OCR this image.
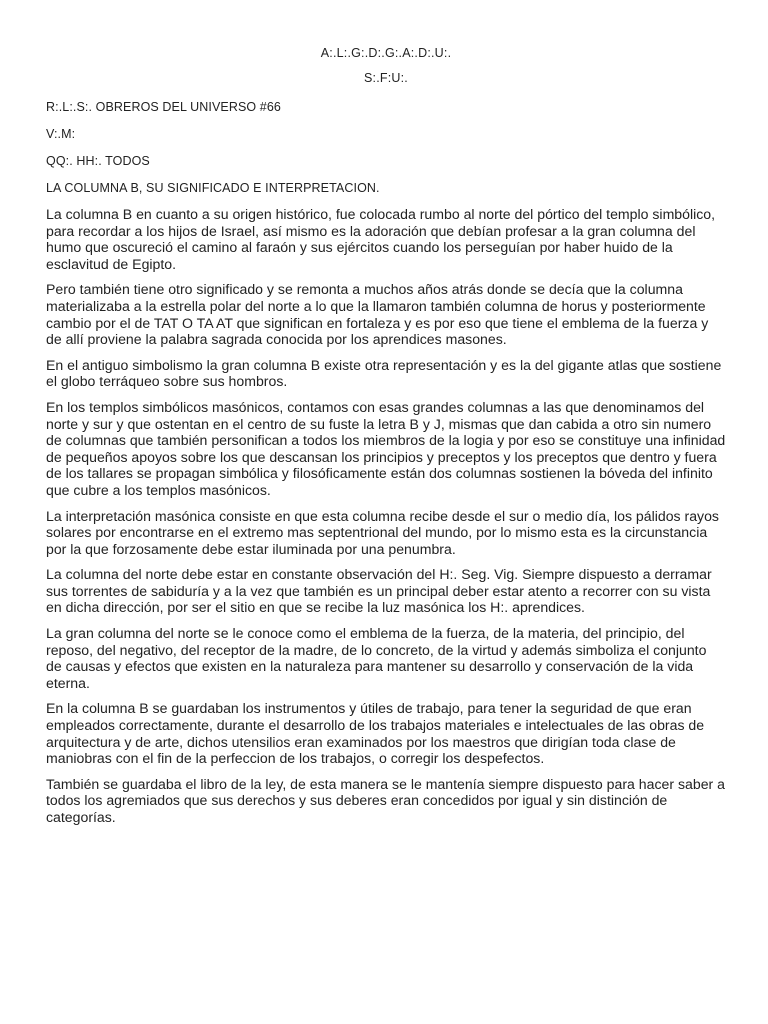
A:.L:.G:.D:.G:.A:.D:.U:.

S:.F:U:.

R:.L:.S:. OBREROS DEL UNIVERSO #66

V:.M:

QQ:. HH:. TODOS

LA COLUMNA B, SU SIGNIFICADO E INTERPRETACION.

La columna B en cuanto a su origen histórico, fue colocada rumbo al norte del pórtico del templo simbólico, para recordar a los hijos de Israel, así mismo es la adoración que debían profesar a la gran columna del humo que oscureció el camino al faraón y sus ejércitos cuando los perseguían por haber huido de la esclavitud de Egipto.

Pero también tiene otro significado y se remonta a muchos años atrás donde se decía que la columna materializaba a la estrella polar del norte a lo que la llamaron también columna de horus y posteriormente cambio por el de TAT O TA AT que significan en fortaleza y es por eso que tiene el emblema de la fuerza y de allí proviene la palabra sagrada conocida por los aprendices masones.

En el antiguo simbolismo la gran columna B existe otra representación y es la del gigante atlas que sostiene el globo terráqueo sobre sus hombros.

En los templos simbólicos masónicos, contamos con esas grandes columnas a las que denominamos del norte y sur y que ostentan en el centro de su fuste la letra B y J, mismas que dan cabida a otro sin numero de columnas que también personifican a todos los miembros de la logia y por eso se constituye una infinidad de pequeños apoyos sobre los que descansan los principios y preceptos y los preceptos que dentro y fuera de los tallares se propagan simbólica y filosóficamente están dos columnas sostienen la bóveda del infinito que cubre a los templos masónicos.

La interpretación masónica consiste en que esta columna recibe desde el sur o medio día, los pálidos rayos solares por encontrarse en el extremo mas septentrional del mundo, por lo mismo esta es la circunstancia por la que forzosamente debe estar iluminada por una penumbra.

La columna del norte debe estar en constante observación del H:. Seg. Vig. Siempre dispuesto a derramar sus torrentes de sabiduría y a la vez que también es un principal deber estar atento a recorrer con su vista en dicha dirección, por ser el sitio en que se recibe la luz masónica los H:. aprendices.

La gran columna del norte se le conoce como el emblema de la fuerza, de la materia, del principio, del reposo, del negativo, del receptor de la madre, de lo concreto, de la virtud y además simboliza el conjunto de causas y efectos que existen en la naturaleza para mantener su desarrollo y conservación de la vida eterna.

En la columna B se guardaban los instrumentos y útiles de trabajo, para tener la seguridad de que eran empleados correctamente, durante el desarrollo de los trabajos materiales e intelectuales de las obras de arquitectura y de arte, dichos utensilios eran examinados por los maestros que dirigían toda clase de maniobras con el fin de la perfeccion de los trabajos, o corregir los despefectos.

También se guardaba el libro de la ley, de esta manera se le mantenía siempre dispuesto para hacer saber a todos los agremiados que sus derechos y sus deberes eran concedidos por igual y sin distinción de categorías.
